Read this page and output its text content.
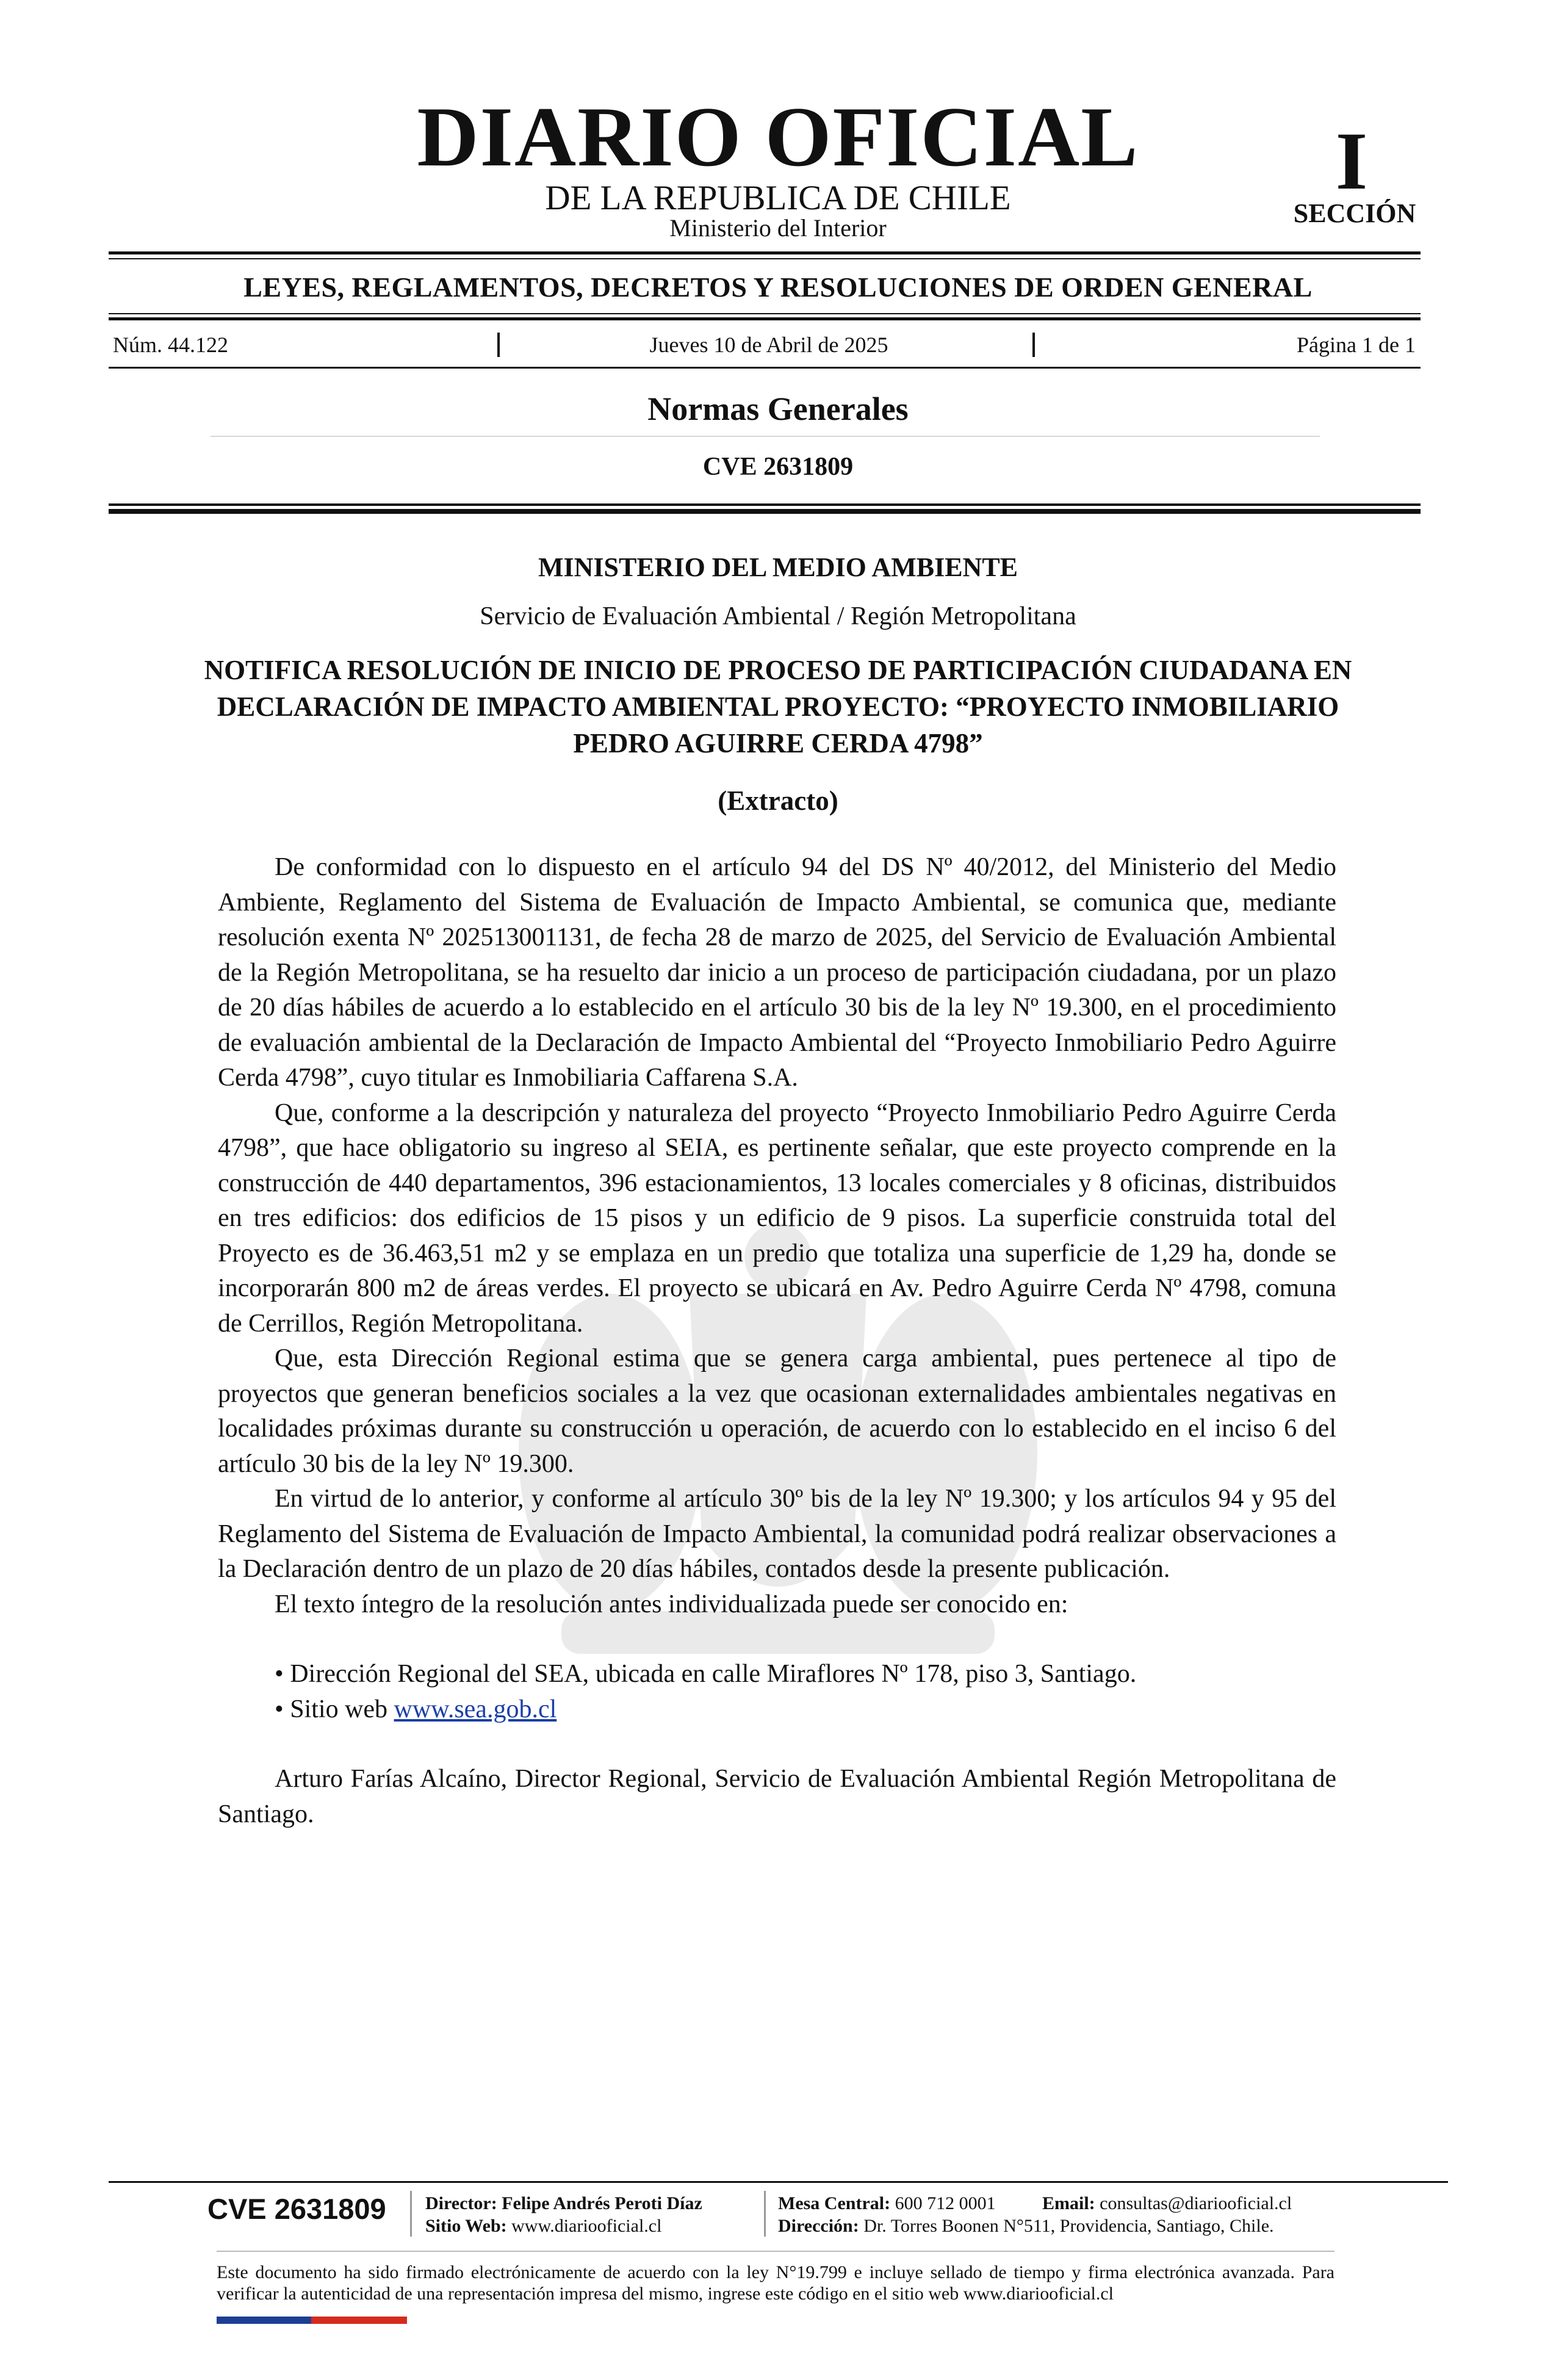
DIARIO OFICIAL
DE LA REPUBLICA DE CHILE
Ministerio del Interior
I
SECCIÓN
LEYES, REGLAMENTOS, DECRETOS Y RESOLUCIONES DE ORDEN GENERAL
Núm. 44.122	Jueves 10 de Abril de 2025	Página 1 de 1
Normas Generales
CVE 2631809
MINISTERIO DEL MEDIO AMBIENTE
Servicio de Evaluación Ambiental / Región Metropolitana
NOTIFICA RESOLUCIÓN DE INICIO DE PROCESO DE PARTICIPACIÓN CIUDADANA EN DECLARACIÓN DE IMPACTO AMBIENTAL PROYECTO: “PROYECTO INMOBILIARIO PEDRO AGUIRRE CERDA 4798”
(Extracto)

De conformidad con lo dispuesto en el artículo 94 del DS Nº 40/2012, del Ministerio del Medio Ambiente, Reglamento del Sistema de Evaluación de Impacto Ambiental, se comunica que, mediante resolución exenta Nº 202513001131, de fecha 28 de marzo de 2025, del Servicio de Evaluación Ambiental de la Región Metropolitana, se ha resuelto dar inicio a un proceso de participación ciudadana, por un plazo de 20 días hábiles de acuerdo a lo establecido en el artículo 30 bis de la ley Nº 19.300, en el procedimiento de evaluación ambiental de la Declaración de Impacto Ambiental del “Proyecto Inmobiliario Pedro Aguirre Cerda 4798”, cuyo titular es Inmobiliaria Caffarena S.A.

Que, conforme a la descripción y naturaleza del proyecto “Proyecto Inmobiliario Pedro Aguirre Cerda 4798”, que hace obligatorio su ingreso al SEIA, es pertinente señalar, que este proyecto comprende en la construcción de 440 departamentos, 396 estacionamientos, 13 locales comerciales y 8 oficinas, distribuidos en tres edificios: dos edificios de 15 pisos y un edificio de 9 pisos. La superficie construida total del Proyecto es de 36.463,51 m2 y se emplaza en un predio que totaliza una superficie de 1,29 ha, donde se incorporarán 800 m2 de áreas verdes. El proyecto se ubicará en Av. Pedro Aguirre Cerda Nº 4798, comuna de Cerrillos, Región Metropolitana.

Que, esta Dirección Regional estima que se genera carga ambiental, pues pertenece al tipo de proyectos que generan beneficios sociales a la vez que ocasionan externalidades ambientales negativas en localidades próximas durante su construcción u operación, de acuerdo con lo establecido en el inciso 6 del artículo 30 bis de la ley Nº 19.300.

En virtud de lo anterior, y conforme al artículo 30º bis de la ley Nº 19.300; y los artículos 94 y 95 del Reglamento del Sistema de Evaluación de Impacto Ambiental, la comunidad podrá realizar observaciones a la Declaración dentro de un plazo de 20 días hábiles, contados desde la presente publicación.

El texto íntegro de la resolución antes individualizada puede ser conocido en:

• Dirección Regional del SEA, ubicada en calle Miraflores Nº 178, piso 3, Santiago.
• Sitio web www.sea.gob.cl

Arturo Farías Alcaíno, Director Regional, Servicio de Evaluación Ambiental Región Metropolitana de Santiago.

CVE 2631809	Director: Felipe Andrés Peroti Díaz
Sitio Web: www.diariooficial.cl
Mesa Central: 600 712 0001	Email: consultas@diariooficial.cl
Dirección: Dr. Torres Boonen N°511, Providencia, Santiago, Chile.
Este documento ha sido firmado electrónicamente de acuerdo con la ley N°19.799 e incluye sellado de tiempo y firma electrónica avanzada. Para verificar la autenticidad de una representación impresa del mismo, ingrese este código en el sitio web www.diariooficial.cl
